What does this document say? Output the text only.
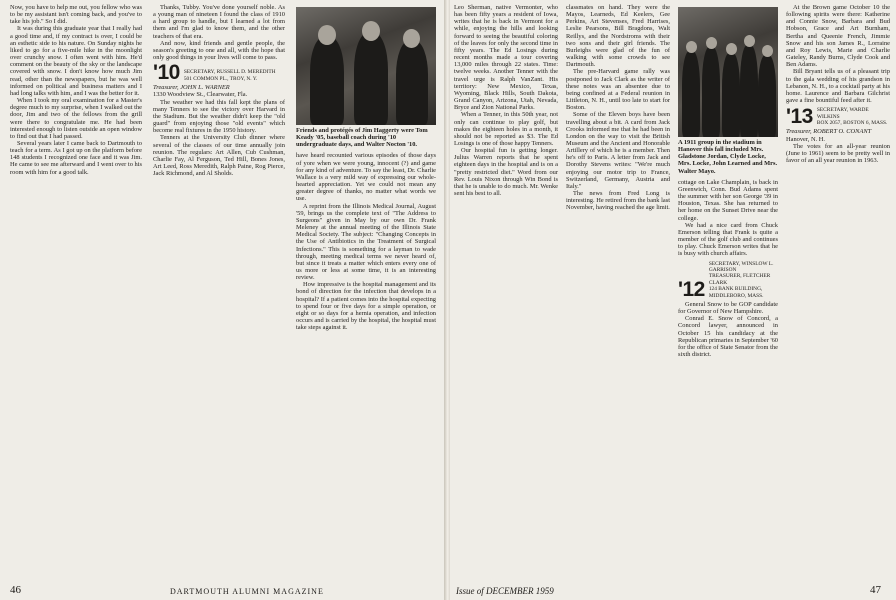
Now, you have to help me out, you fellow who was to be my assistant isn't coming back, and you've to take his job." So I did.

It was during this graduate year that I really had a good time and, if my contract is over, I could be an esthetic side to his nature. On Sunday nights he liked to go for a five-mile hike in the moonlight over crunchy snow. I often went with him. He'd comment on the beauty of the sky or the landscape covered with snow. I don't know how much Jim read, other than the newspapers, but he was well informed on political and business matters and I had long talks with him, and I was the better for it.

When I took my oral examination for a Master's degree much to my surprise, when I walked out the door, Jim and two of the fellows from the grill were there to congratulate me. He had been interested enough to listen outside an open window to find out that I had passed.

Several years later I came back to Dartmouth to teach for a term. As I got up on the platform before 148 students I recognized one face and it was Jim. He came to see me afterward and I went over to his room with him for a good talk.

Thanks, Tubby. You've done yourself noble. As a young man of nineteen I found the class of 1910 a hard group to handle, but I learned a lot from them and I'm glad to know them, and the other teachers of that era.

And now, kind friends and gentle people, the season's greeting to one and all, with the hope that only good things in your lives will come to pass.

'10 SECRETARY, RUSSELL D. MEREDITH
501 COMMON PL., TROY, N. Y.

Treasurer, JOHN L. WARNER

1330 Woodview St., Clearwater, Fla.

The weather we had this fall kept the plans of many Tenners to see the victory over Harvard in the Stadium. But the weather didn't keep the "old guard" from enjoying those "old events" which become real fixtures in the 1950 history.

Tenners at the University Club dinner where several of the classes of our time annually join reunion. The regulars: Art Allen, Cub Cushman, Charlie Fay, Al Ferguson, Ted Hill, Bones Jones, Art Leed, Ross Meredith, Ralph Paine, Rog Pierce, Jack Richmond, and Al Sholds.

Friends and protégés of Jim Haggerty were Tom Keady '05, baseball coach during '10 undergraduate days, and Walter Nocton '10.

have heard recounted various episodes of those days of yore when we were young, innocent (?) and game for any kind of adventure. To say the least, Dr. Charlie Wallace is a very mild way of expressing our whole-hearted appreciation. Yet we could not mean any greater degree of thanks, no matter what words we use.

A reprint from the Illinois Medical Journal, August '59, brings us the complete text of "The Address to Surgeons" given in May by our own Dr. Frank Meleney at the annual meeting of the Illinois State Medical Society. The subject: "Changing Concepts in the Use of Antibiotics in the Treatment of Surgical Infections." This is something for a layman to wade through, meeting medical terms we never heard of, but since it treats a matter which enters every one of us more or less at some time, it is an interesting review.

How impressive is the hospital management and its bond of direction for the infection that develops in a hospital? If a patient comes into the hospital expecting to spend four or five days for a simple operation, or eight or so days for a hernia operation, and infection occurs and is carried by the hospital, the hospital must take steps against it.

46	DARTMOUTH ALUMNI MAGAZINE

Leo Sherman, native Vermonter, who has been fifty years a resident of Iowa, writes that he is back in Vermont for a while, enjoying the hills and looking forward to seeing the beautiful coloring of the leaves for only the second time in fifty years. The Ed Losings during recent months made a tour covering 13,000 miles through 22 states. Time: twelve weeks. Another Tenner with the travel urge is Ralph VanZant. His territory: New Mexico, Texas, Wyoming, Black Hills, South Dakota, Grand Canyon, Arizona, Utah, Nevada, Bryce and Zion National Parks.

When a Tenner, in this 50th year, not only can continue to play golf, but makes the eighteen holes in a month, it should not be reported as $3. The Ed Losings is one of those happy Tenners.

Our hospital fun is getting longer. Julius Warren reports that he spent eighteen days in the hospital and is on a "pretty restricted diet." Word from our Rev. Louis Nixon through Win Bond is that he is unable to do much. Mr. Wenke sent his best to all.

classmates on hand. They were the Mayos, Learneds, Ed Keelers, Gee Perkins, Art Stevenses, Fred Harrises, Leslie Pearsons, Bill Bragdons, Walt Reillys, and the Nordstroms with their two sons and their girl friends. The Burleighs were glad of the fun of walking with some crowds to see Dartmouth.

The pre-Harvard game rally was postponed to Jack Clark as the writer of these notes was an absentee due to being confined at a Federal reunion in Littleton, N. H., until too late to start for Boston.

Some of the Eleven boys have been travelling about a bit. A card from Jack Crooks informed me that he had been in London on the way to visit the British Museum and the Ancient and Honorable Artillery of which he is a member. Then he's off to Paris. A letter from Jack and Dorothy Stevens writes: "We're much enjoying our motor trip to France, Switzerland, Germany, Austria and Italy."

The news from Fred Long is interesting. He retired from the bank last November, having reached the age limit.

A 1911 group in the stadium in Hanover this fall included Mrs. Gladstone Jordan, Clyde Locke, Mrs. Locke, John Learned and Mrs. Walter Mayo.

cottage on Lake Champlain, is back in Greenwich, Conn. Bud Adams spent the summer with her son George '39 in Houston, Texas. She has returned to her home on the Sunset Drive near the college.

We had a nice card from Chuck Emerson telling that Frank is quite a member of the golf club and continues to play. Chuck Emerson writes that he is busy with church affairs.

'12
SECRETARY, WINSLOW L. GARRISON
TREASURER, FLETCHER CLARK
124 BANK BUILDING, MIDDLEBORO, MASS.

General Snow to be GOP candidate for Governor of New Hampshire.

Conrad E. Snow of Concord, a Concord lawyer, announced in October 15 his candidacy at the Republican primaries in September '60 for the office of State Senator from the sixth district.

At the Brown game October 10 the following spirits were there: Katherine and Connie Snow, Barbara and Bud Hobson, Grace and Art Burnham, Bertha and Queenie French, Jimmie Snow and his son James R., Lorraine and Roy Lewis, Marie and Charlie Gateley, Randy Burns, Clyde Cook and Ben Adams.

Bill Bryant tells us of a pleasant trip to the gala wedding of his grandson in Lebanon, N. H., to a cocktail party at his home. Laurence and Barbara Gilchrist gave a fine bountiful feed after it.

'13 SECRETARY, WARDE WILKINS
BOX 2057, BOSTON 6, MASS.

Treasurer, ROBERT O. CONANT

Hanover, N. H.

The votes for an all-year reunion (June to 1961) seem to be pretty well in favor of an all year reunion in 1963.

Issue of DECEMBER 1959	47
